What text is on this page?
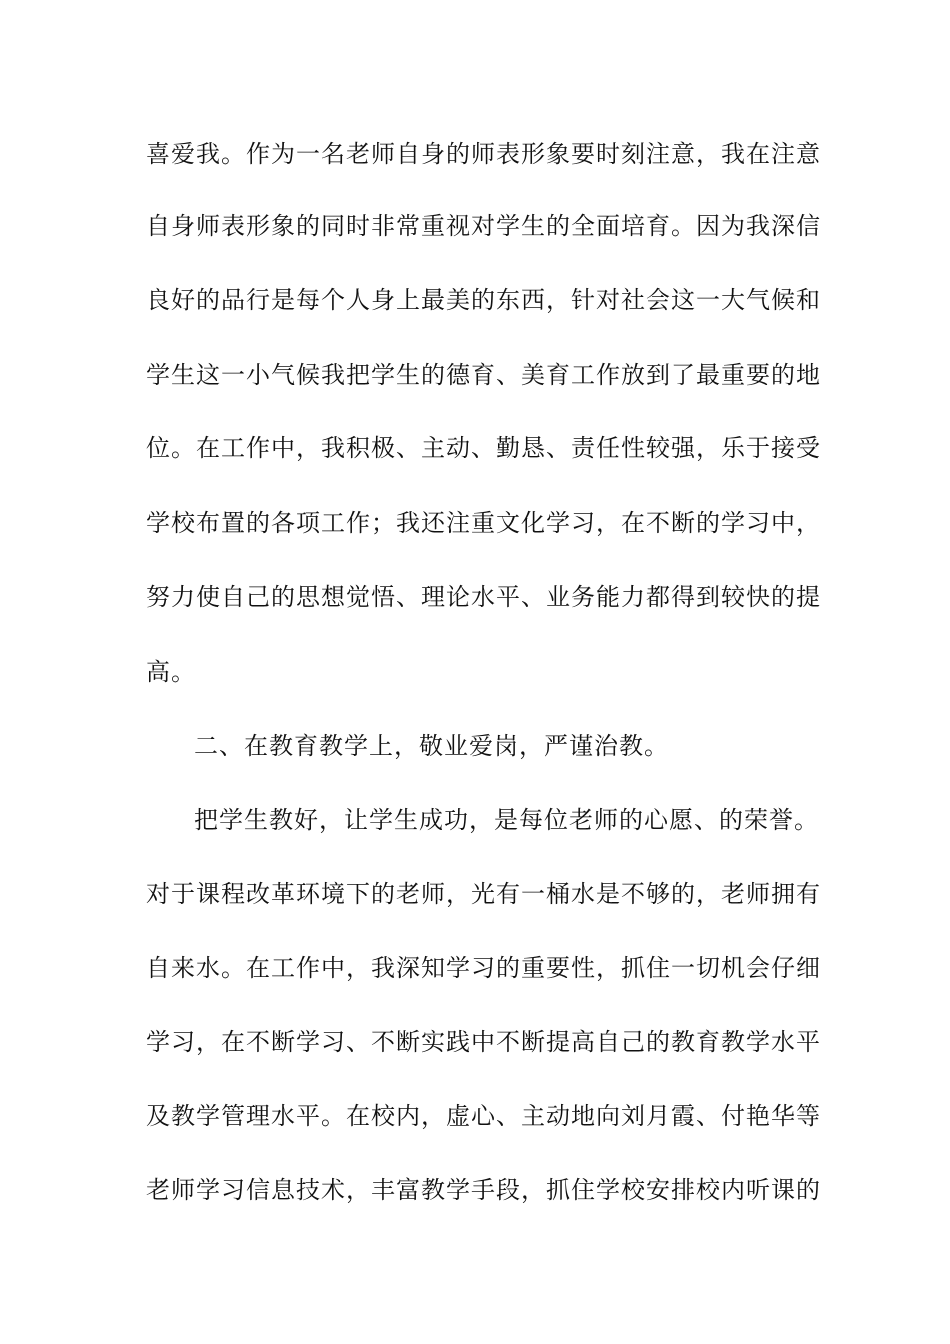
喜爱我。作为一名老师自身的师表形象要时刻注意，我在注意
自身师表形象的同时非常重视对学生的全面培育。因为我深信
良好的品行是每个人身上最美的东西，针对社会这一大气候和
学生这一小气候我把学生的德育、美育工作放到了最重要的地
位。在工作中，我积极、主动、勤恳、责任性较强，乐于接受
学校布置的各项工作；我还注重文化学习，在不断的学习中，
努力使自己的思想觉悟、理论水平、业务能力都得到较快的提
高。
二、在教育教学上，敬业爱岗，严谨治教。
把学生教好，让学生成功，是每位老师的心愿、的荣誉。
对于课程改革环境下的老师，光有一桶水是不够的，老师拥有
自来水。在工作中，我深知学习的重要性，抓住一切机会仔细
学习，在不断学习、不断实践中不断提高自己的教育教学水平
及教学管理水平。在校内，虚心、主动地向刘月霞、付艳华等
老师学习信息技术，丰富教学手段，抓住学校安排校内听课的
